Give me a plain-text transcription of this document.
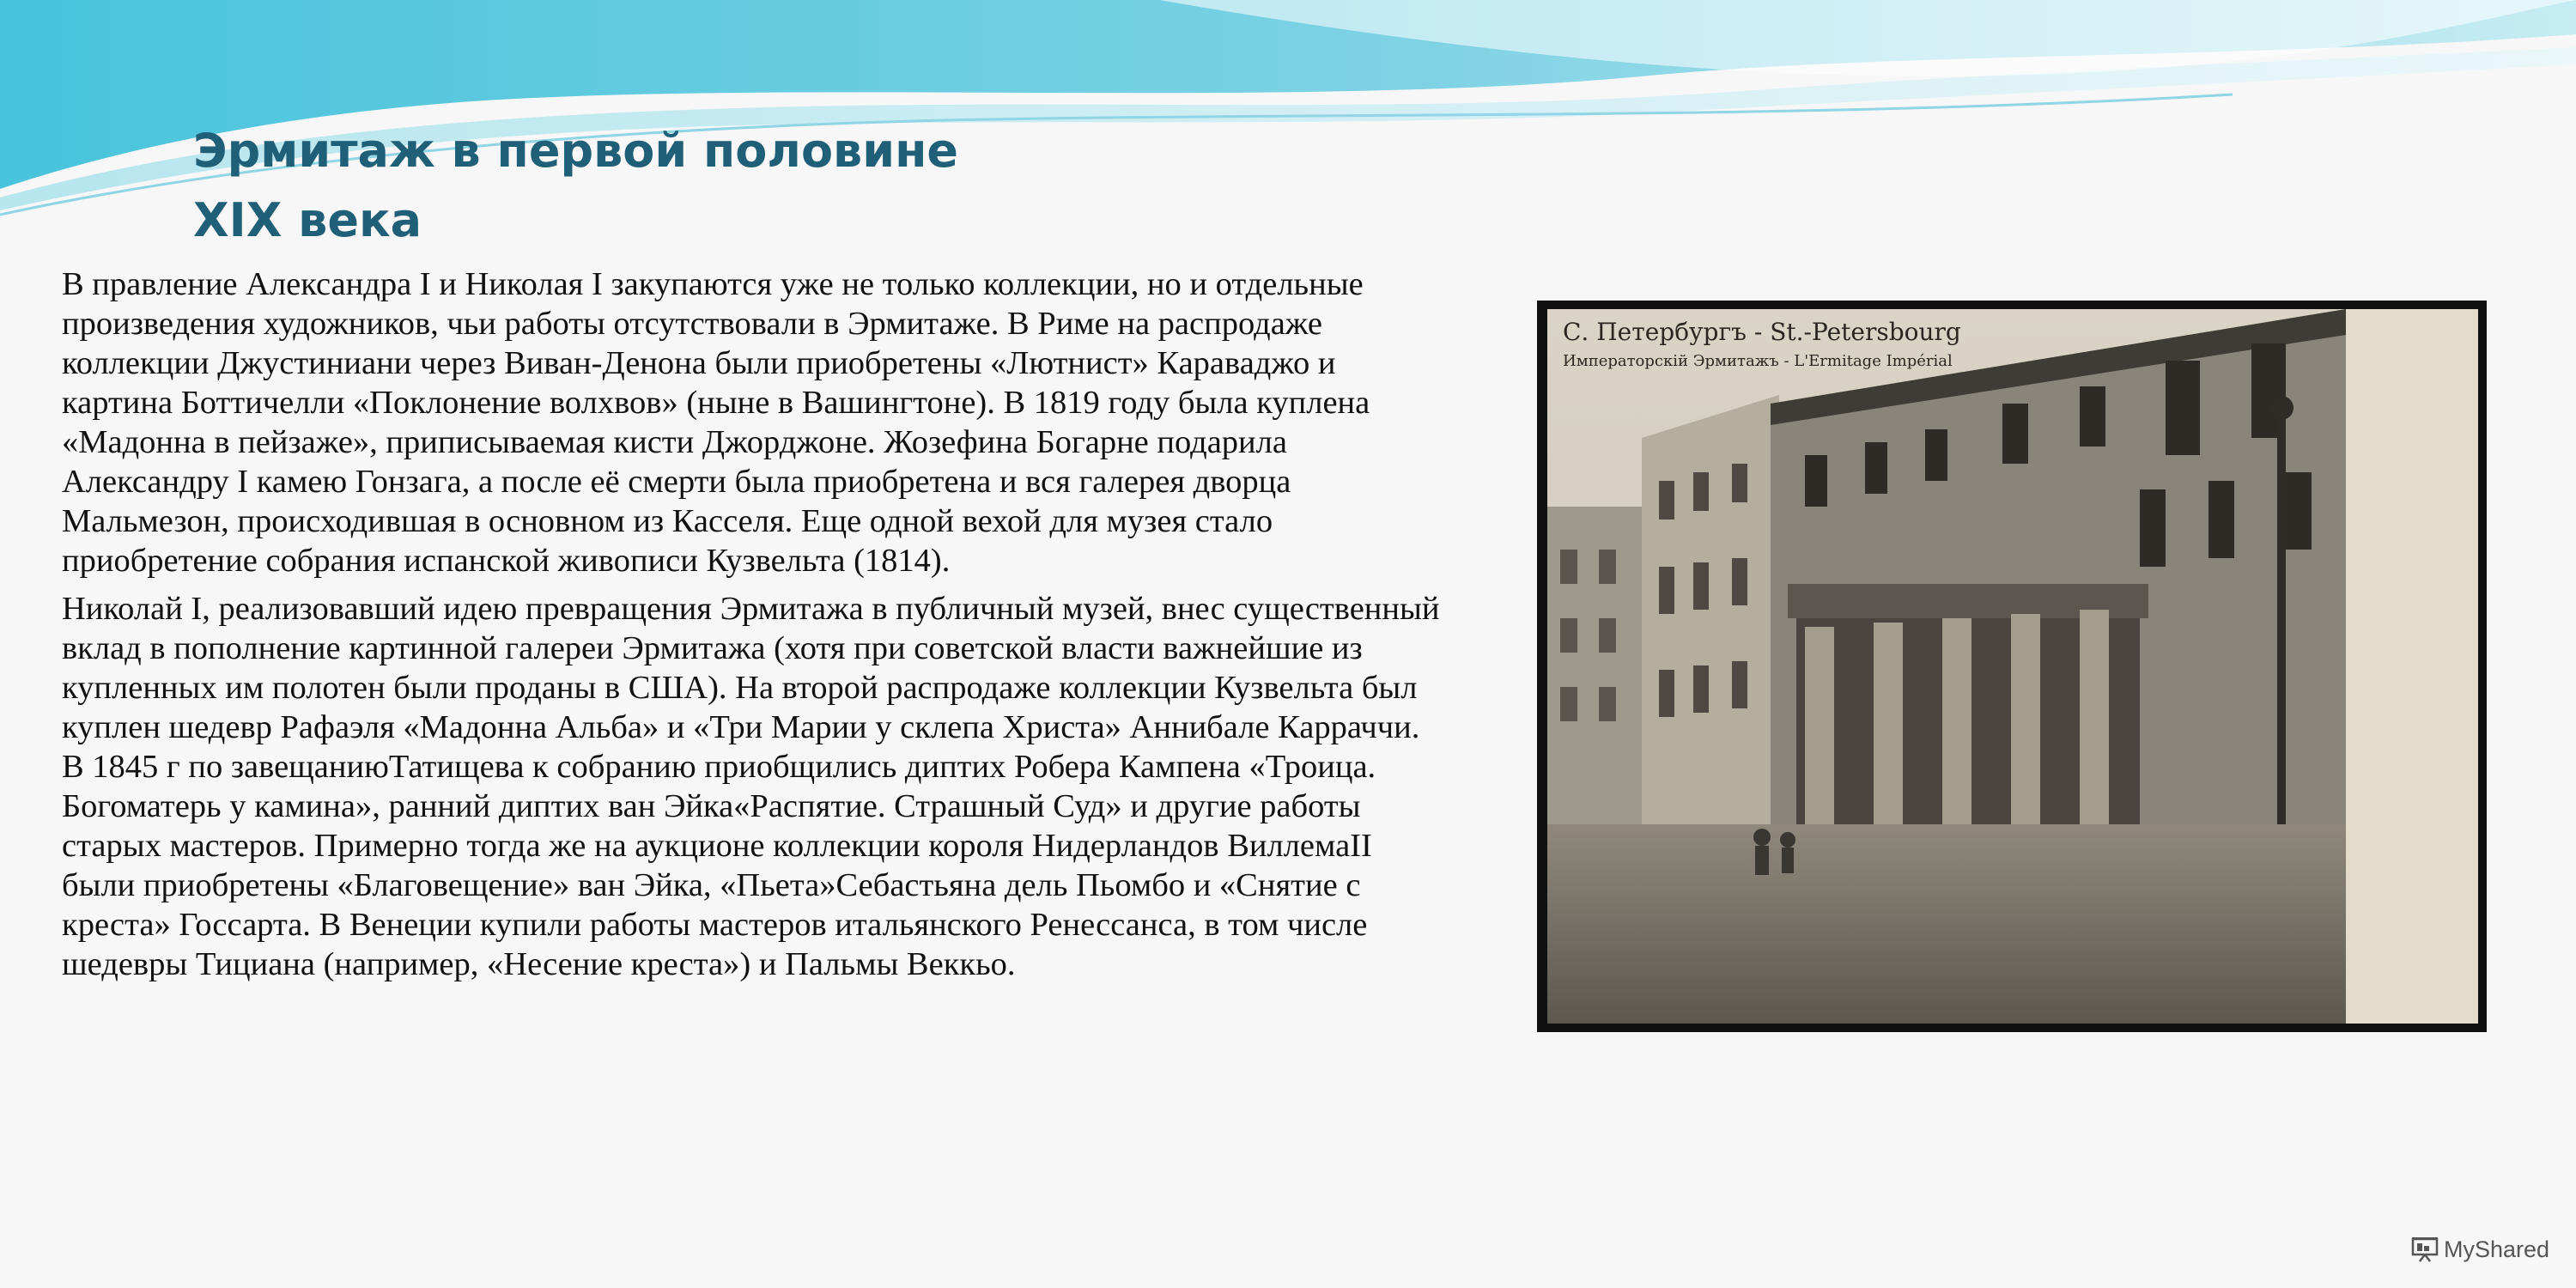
Эрмитаж в первой половине
XIX века

В правление Александра I и Николая I закупаются уже не только коллекции, но и отдельные произведения художников, чьи работы отсутствовали в Эрмитаже. В Риме на распродаже коллекции Джустиниани через Виван-Денона были приобретены «Лютнист» Караваджо и картина Боттичелли «Поклонение волхвов» (ныне в Вашингтоне). В 1819 году была куплена «Мадонна в пейзаже», приписываемая кисти Джорджоне. Жозефина Богарне подарила Александру I камею Гонзага, а после её смерти была приобретена и вся галерея дворца Мальмезон, происходившая в основном из Касселя. Еще одной вехой для музея стало приобретение собрания испанской живописи Кузвельта (1814).

Николай I, реализовавший идею превращения Эрмитажа в публичный музей, внес существенный вклад в пополнение картинной галереи Эрмитажа (хотя при советской власти важнейшие из купленных им полотен были проданы в США). На второй распродаже коллекции Кузвельта был куплен шедевр Рафаэля «Мадонна Альба» и «Три Марии у склепа Христа» Аннибале Карраччи. В 1845 г по завещаниюТатищева к собранию приобщились диптих Робера Кампена «Троица. Богоматерь у камина», ранний диптих ван Эйка«Распятие. Страшный Суд» и другие работы старых мастеров. Примерно тогда же на аукционе коллекции короля Нидерландов ВиллемаII были приобретены «Благовещение» ван Эйка, «Пьета»Себастьяна дель Пьомбо и «Снятие с креста» Госсарта. В Венеции купили работы мастеров итальянского Ренессанса, в том числе шедевры Тициана (например, «Несение креста») и Пальмы Веккьо.

С. Петербургъ - St.-Petersbourg
Императорскій Эрмитажъ - L'Ermitage Impérial
MyShared
